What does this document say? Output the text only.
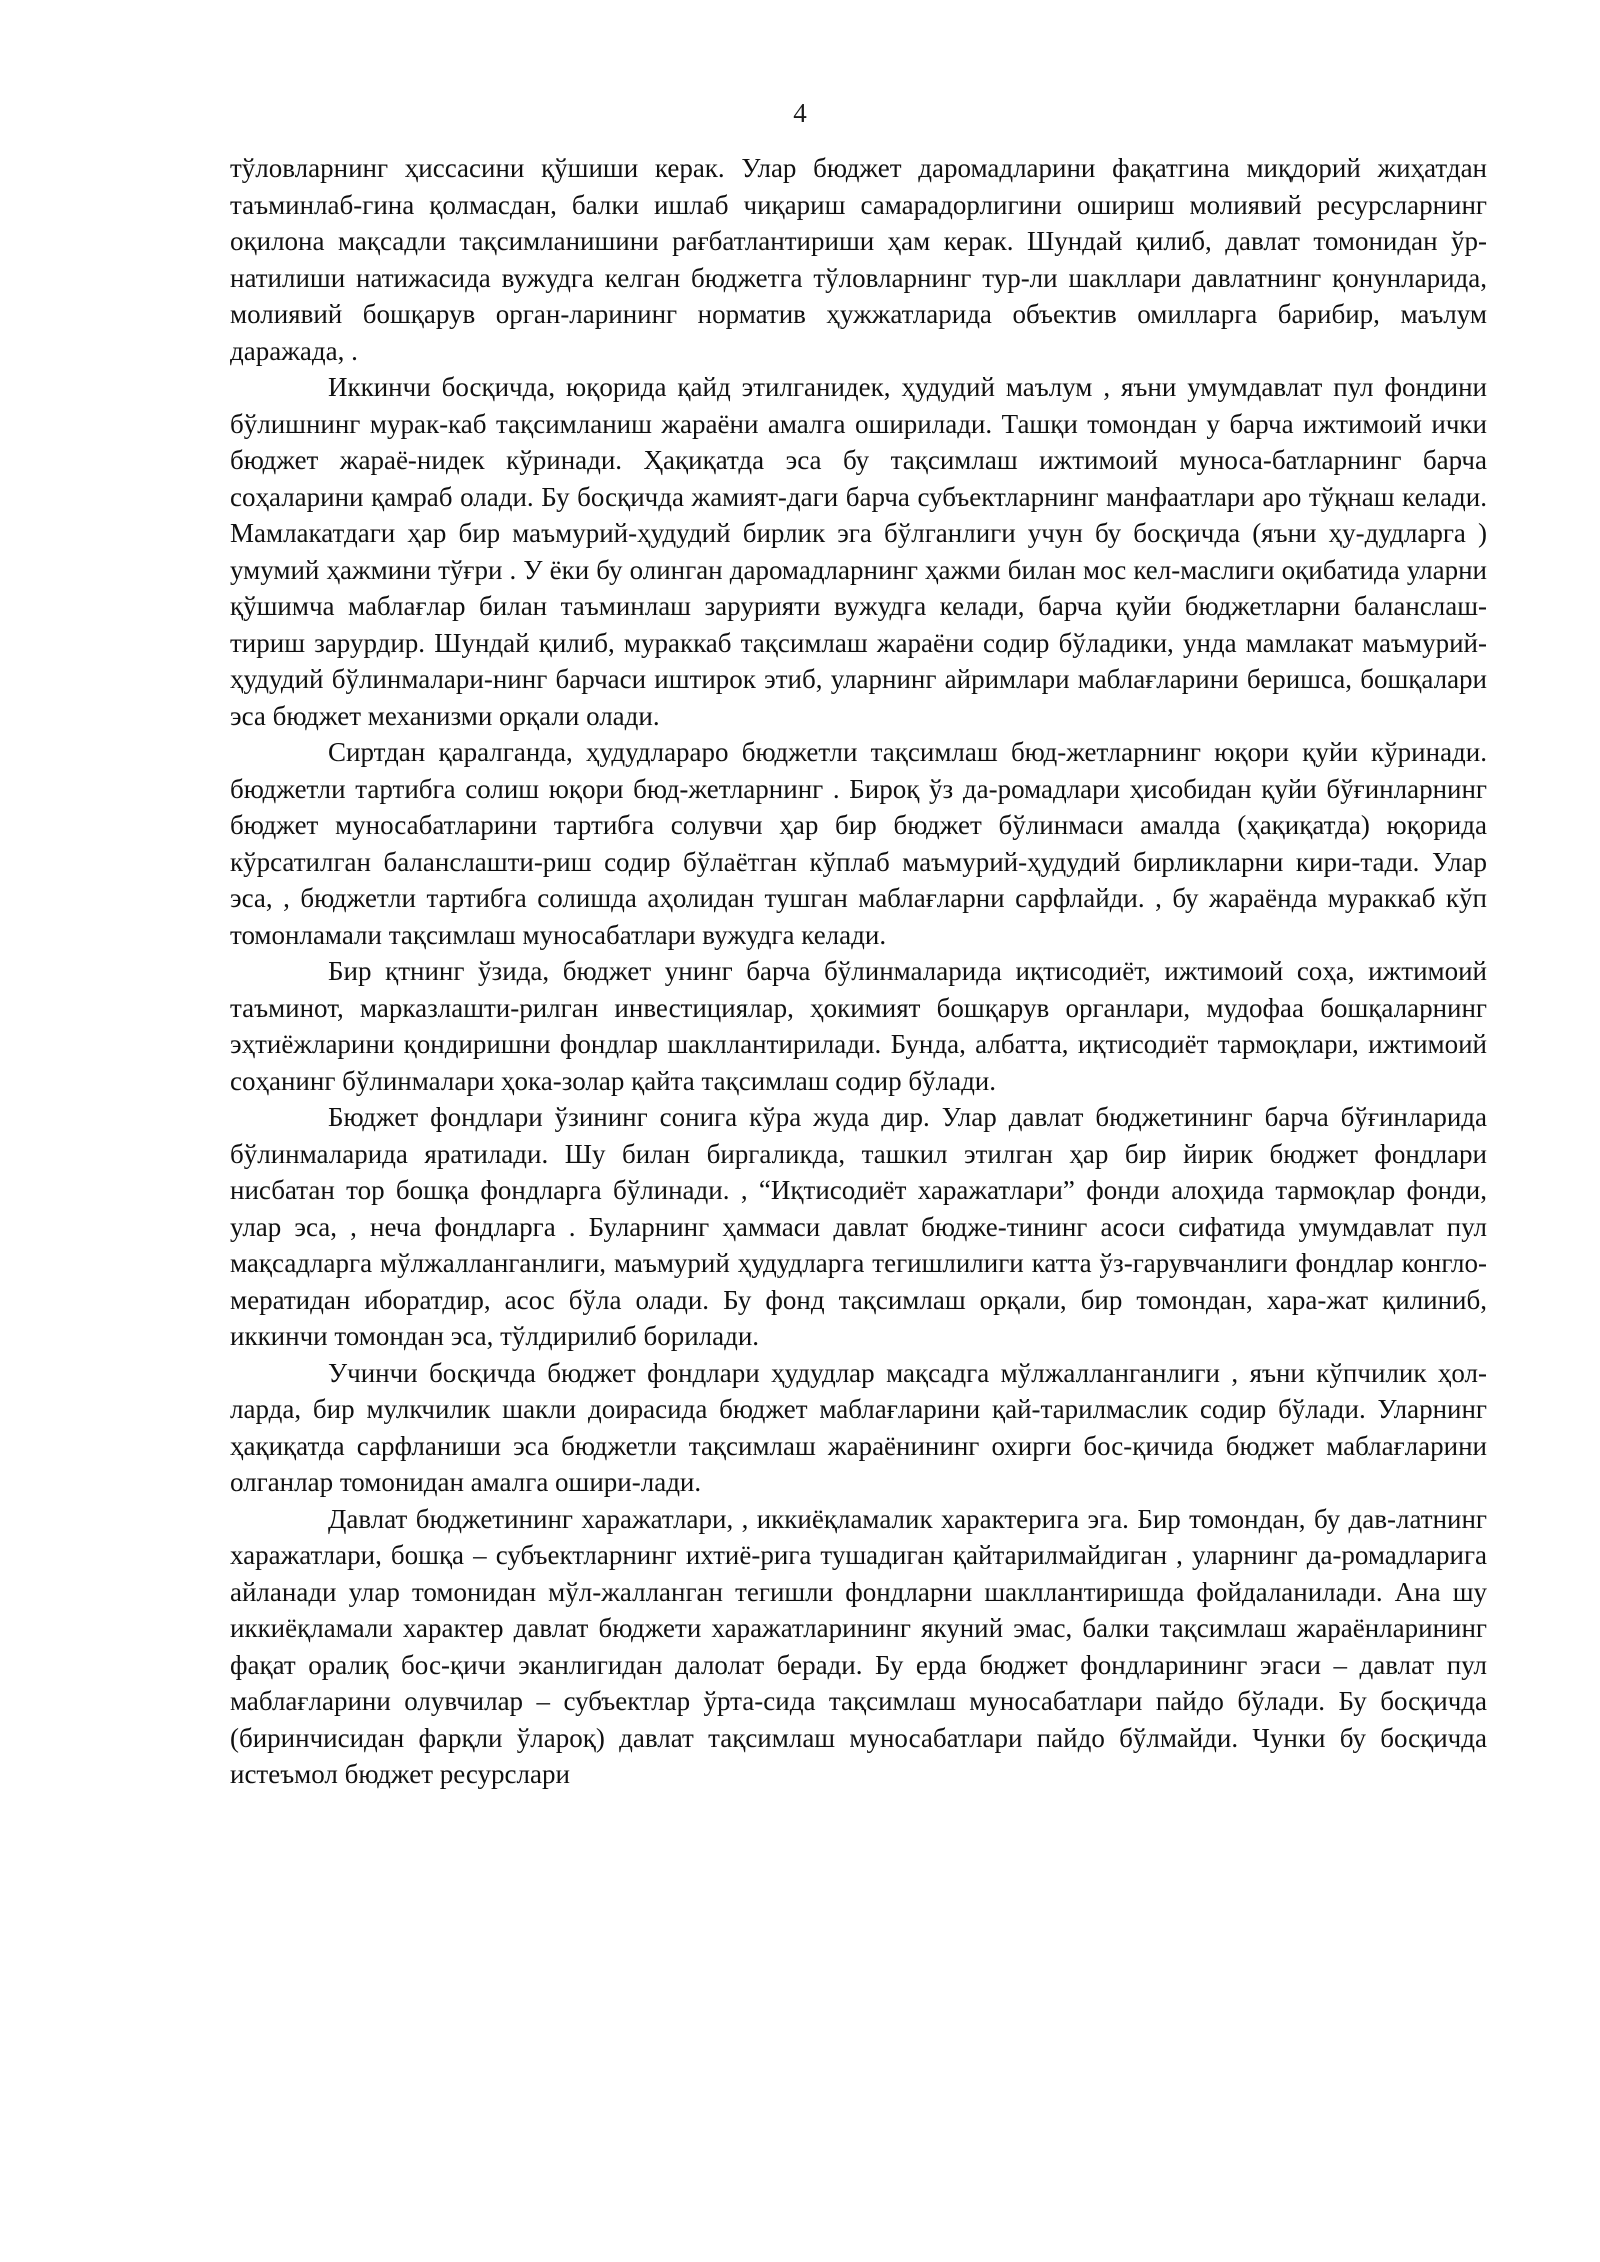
4

тўловларнинг ҳиссасини қўшиши керак. Улар бюджет даромадларини фақатгина миқдорий жиҳатдан таъминлаб-гина қолмасдан, балки ишлаб чиқариш самарадорлигини ошириш молиявий ресурсларнинг оқилона мақсадли тақсимланишини рағбатлантириши ҳам керак. Шундай қилиб, давлат томонидан ўр-натилиши натижасида вужудга келган бюджетга тўловларнинг тур-ли шакллари давлатнинг қонунларида, молиявий бошқарув орган-ларининг норматив ҳужжатларида объектив омилларга барибир, маълум даражада, .

Иккинчи босқичда, юқорида қайд этилганидек, ҳудудий маълум , яъни умумдавлат пул фондини бўлишнинг мурак-каб тақсимланиш жараёни амалга оширилади. Ташқи томондан у барча ижтимоий ички бюджет жараё-нидек кўринади. Ҳақиқатда эса бу тақсимлаш ижтимоий муноса-батларнинг барча соҳаларини қамраб олади. Бу босқичда жамият-даги барча субъектларнинг манфаатлари аро тўқнаш келади. Мамлакатдаги ҳар бир маъмурий-ҳудудий бирлик эга бўлганлиги учун бу босқичда (яъни ҳу-дудларга ) умумий ҳажмини тўғри . У ёки бу олинган даромадларнинг ҳажми билан мос кел-маслиги оқибатида уларни қўшимча маблағлар билан таъминлаш зарурияти вужудга келади, барча қуйи бюджетларни баланслаш-тириш зарурдир. Шундай қилиб, мураккаб тақсимлаш жараёни содир бўладики, унда мамлакат маъмурий-ҳудудий бўлинмалари-нинг барчаси иштирок этиб, уларнинг айримлари маблағларини беришса, бошқалари эса бюджет механизми орқали олади.

Сиртдан қаралганда, ҳудудлараро бюджетли тақсимлаш бюд-жетларнинг юқори қуйи кўринади. бюджетли тартибга солиш юқори бюд-жетларнинг . Бироқ ўз да-ромадлари ҳисобидан қуйи бўғинларнинг бюджет муносабатларини тартибга солувчи ҳар бир бюджет бўлинмаси амалда (ҳақиқатда) юқорида кўрсатилган баланслашти-риш содир бўлаётган кўплаб маъмурий-ҳудудий бирликларни кири-тади. Улар эса, , бюджетли тартибга солишда аҳолидан тушган маблағларни сарфлайди. , бу жараёнда мураккаб кўп томонламали тақсимлаш муносабатлари вужудга келади.

Бир қтнинг ўзида, бюджет унинг барча бўлинмаларида иқтисодиёт, ижтимоий соҳа, ижтимоий таъминот, марказлашти-рилган инвестициялар, ҳокимият бошқарув органлари, мудофаа бошқаларнинг эҳтиёжларини қондиришни фондлар шакллантирилади. Бунда, албатта, иқтисодиёт тармоқлари, ижтимоий соҳанинг бўлинмалари ҳока-золар қайта тақсимлаш содир бўлади.

Бюджет фондлари ўзининг сонига кўра жуда дир. Улар давлат бюджетининг барча бўғинларида бўлинмаларида яратилади. Шу билан биргаликда, ташкил этилган ҳар бир йирик бюджет фондлари нисбатан тор бошқа фондларга бўлинади. , “Иқтисодиёт харажатлари” фонди алоҳида тармоқлар фонди, улар эса, , неча фондларга . Буларнинг ҳаммаси давлат бюдже-тининг асоси сифатида умумдавлат пул мақсадларга мўлжалланганлиги, маъмурий ҳудудларга тегишлилиги катта ўз-гарувчанлиги фондлар конгло-мератидан иборатдир, асос бўла олади. Бу фонд тақсимлаш орқали, бир томондан, хара-жат қилиниб, иккинчи томондан эса, тўлдирилиб борилади.

Учинчи босқичда бюджет фондлари ҳудудлар мақсадга мўлжалланганлиги , яъни кўпчилик ҳол-ларда, бир мулкчилик шакли доирасида бюджет маблағларини қай-тарилмаслик содир бўлади. Уларнинг ҳақиқатда сарфланиши эса бюджетли тақсимлаш жараёнининг охирги бос-қичида бюджет маблағларини олганлар томонидан амалга ошири-лади.

Давлат бюджетининг харажатлари, , иккиёқламалик характерига эга. Бир томондан, бу дав-латнинг харажатлари, бошқа – субъектларнинг ихтиё-рига тушадиган қайтарилмайдиган , уларнинг да-ромадларига айланади улар томонидан мўл-жалланган тегишли фондларни шакллантиришда фойдаланилади. Ана шу иккиёқламали характер давлат бюджети харажатларининг якуний эмас, балки тақсимлаш жараёнларининг фақат оралиқ бос-қичи эканлигидан далолат беради. Бу ерда бюджет фондларининг эгаси – давлат пул маблағларини олувчилар – субъектлар ўрта-сида тақсимлаш муносабатлари пайдо бўлади. Бу босқичда (биринчисидан фарқли ўлароқ) давлат тақсимлаш муносабатлари пайдо бўлмайди. Чунки бу босқичда истеъмол бюджет ресурслари
